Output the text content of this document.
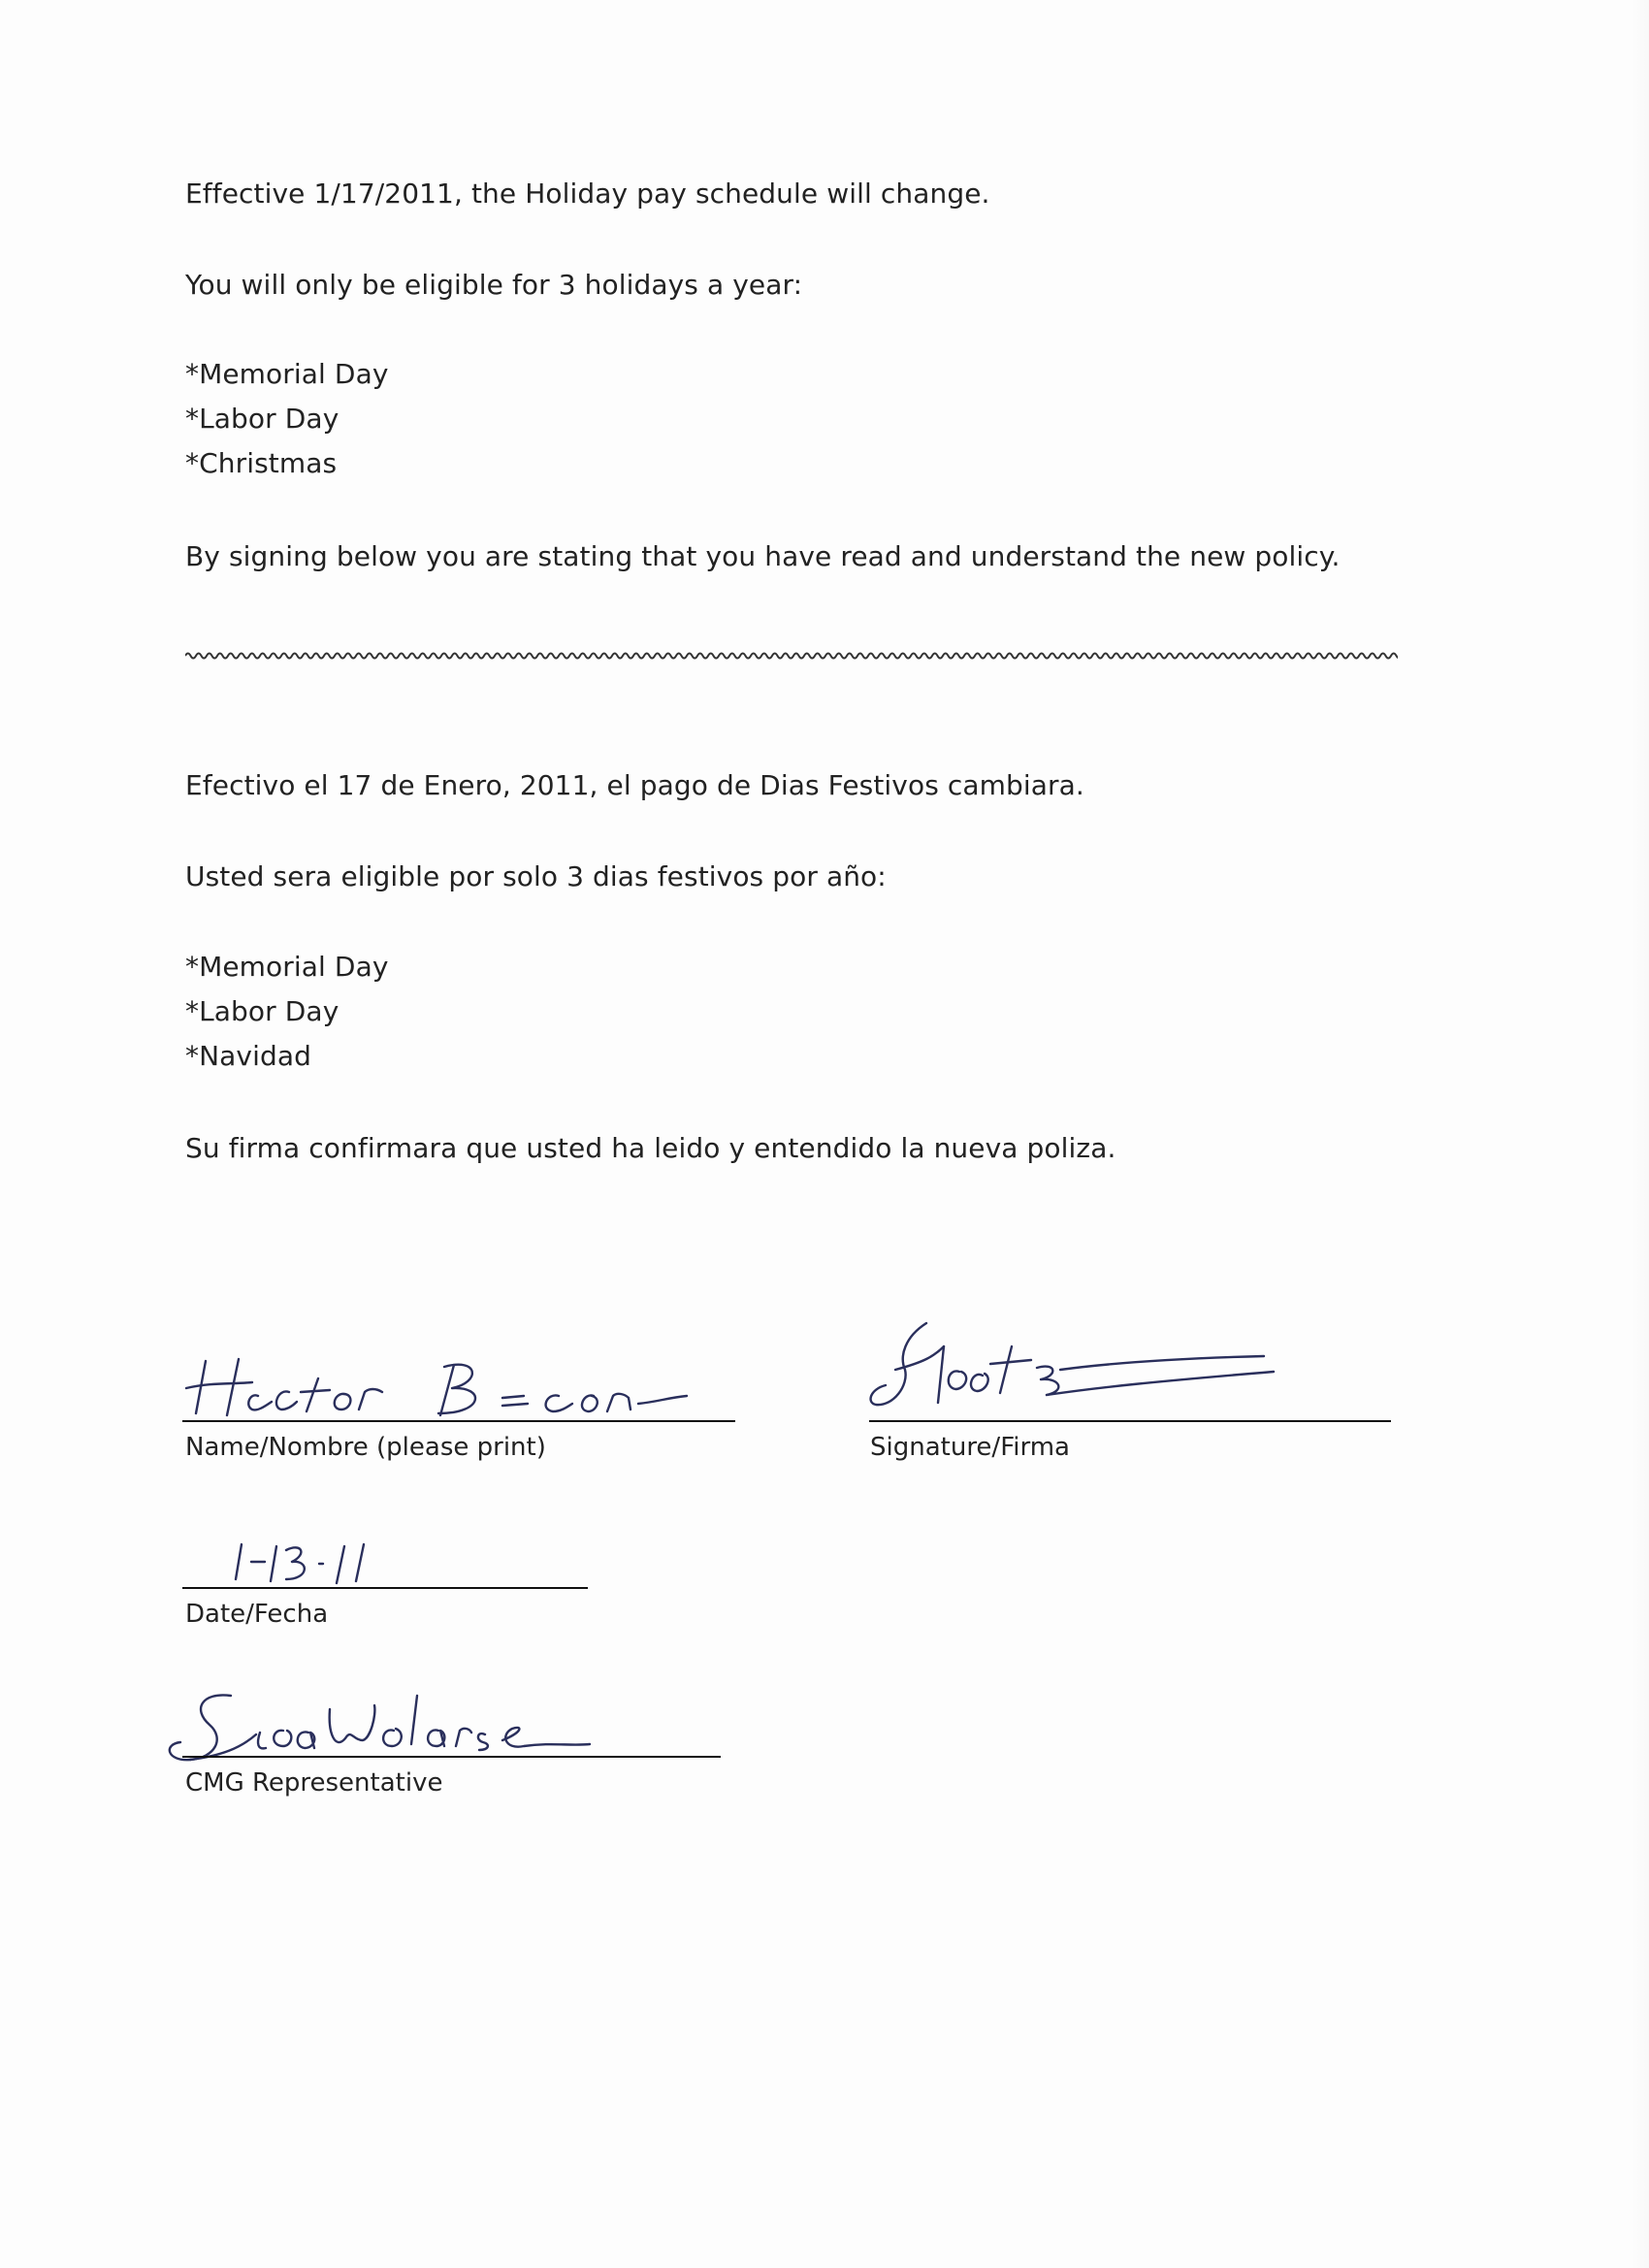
Effective 1/17/2011, the Holiday pay schedule will change.
You will only be eligible for 3 holidays a year:
*Memorial Day
*Labor Day
*Christmas
By signing below you are stating that you have read and understand the new policy.
Efectivo el 17 de Enero, 2011, el pago de Dias Festivos cambiara.
Usted sera eligible por solo 3 dias festivos por año:
*Memorial Day
*Labor Day
*Navidad
Su firma confirmara que usted ha leido y entendido la nueva poliza.
Name/Nombre (please print)	Signature/Firma
Date/Fecha
CMG Representative
